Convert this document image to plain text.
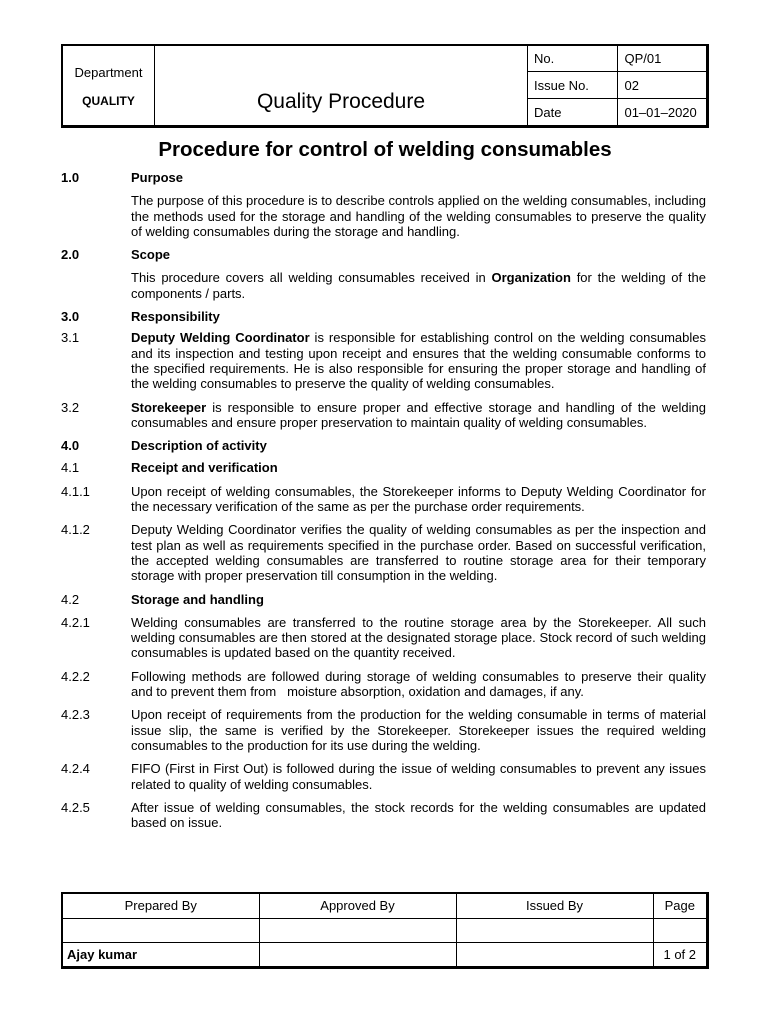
Department
QUALITY	Quality Procedure
No.	QP/01
Issue No.	02
Date	01–01–2020
Procedure for control of welding consumables
1.0	Purpose
The purpose of this procedure is to describe controls applied on the welding consumables, including the methods used for the storage and handling of the welding consumables to preserve the quality of welding consumables during the storage and handling.
2.0	Scope
This procedure covers all welding consumables received in Organization for the welding of the components / parts.
3.0	Responsibility
3.1	Deputy Welding Coordinator is responsible for establishing control on the welding consumables and its inspection and testing upon receipt and ensures that the welding consumable conforms to the specified requirements. He is also responsible for ensuring the proper storage and handling of the welding consumables to preserve the quality of welding consumables.
3.2	Storekeeper is responsible to ensure proper and effective storage and handling of the welding consumables and ensure proper preservation to maintain quality of welding consumables.
4.0	Description of activity
4.1	Receipt and verification
4.1.1	Upon receipt of welding consumables, the Storekeeper informs to Deputy Welding Coordinator for the necessary verification of the same as per the purchase order requirements.
4.1.2	Deputy Welding Coordinator verifies the quality of welding consumables as per the inspection and test plan as well as requirements specified in the purchase order. Based on successful verification, the accepted welding consumables are transferred to routine storage area for their temporary storage with proper preservation till consumption in the welding.
4.2	Storage and handling
4.2.1	Welding consumables are transferred to the routine storage area by the Storekeeper. All such welding consumables are then stored at the designated storage place. Stock record of such welding consumables is updated based on the quantity received.
4.2.2	Following methods are followed during storage of welding consumables to preserve their quality and to prevent them from   moisture absorption, oxidation and damages, if any.
4.2.3	Upon receipt of requirements from the production for the welding consumable in terms of material issue slip, the same is verified by the Storekeeper. Storekeeper issues the required welding consumables to the production for its use during the welding.
4.2.4	FIFO (First in First Out) is followed during the issue of welding consumables to prevent any issues related to quality of welding consumables.
4.2.5	After issue of welding consumables, the stock records for the welding consumables are updated based on issue.
Prepared By	Approved By	Issued By	Page

Ajay kumar			1 of 2
